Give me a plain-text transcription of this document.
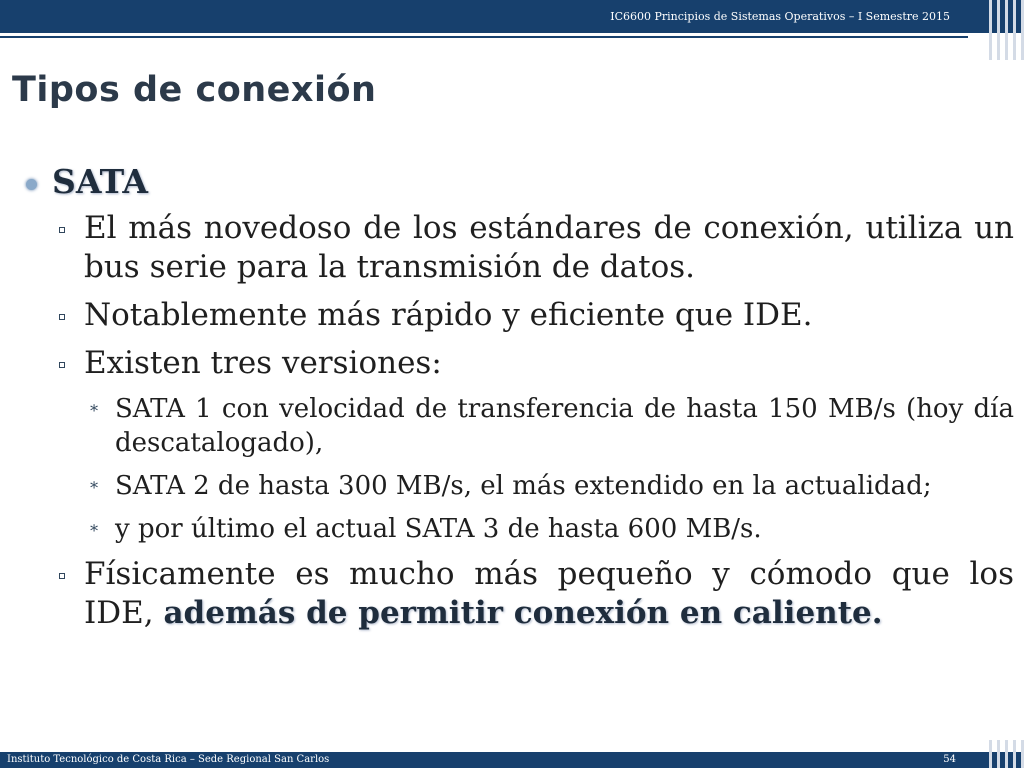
IC6600 Principios de Sistemas Operativos – I Semestre 2015
Tipos de conexión
SATA
El más novedoso de los estándares de conexión, utiliza un bus serie para la transmisión de datos.
Notablemente más rápido y eficiente que IDE.
Existen tres versiones:
∗ SATA 1 con velocidad de transferencia de hasta 150 MB/s (hoy día descatalogado),
∗ SATA 2 de hasta 300 MB/s, el más extendido en la actualidad;
∗ y por último el actual SATA 3 de hasta 600 MB/s.
Físicamente es mucho más pequeño y cómodo que los IDE, además de permitir conexión en caliente.
Instituto Tecnológico de Costa Rica – Sede Regional San Carlos	54
